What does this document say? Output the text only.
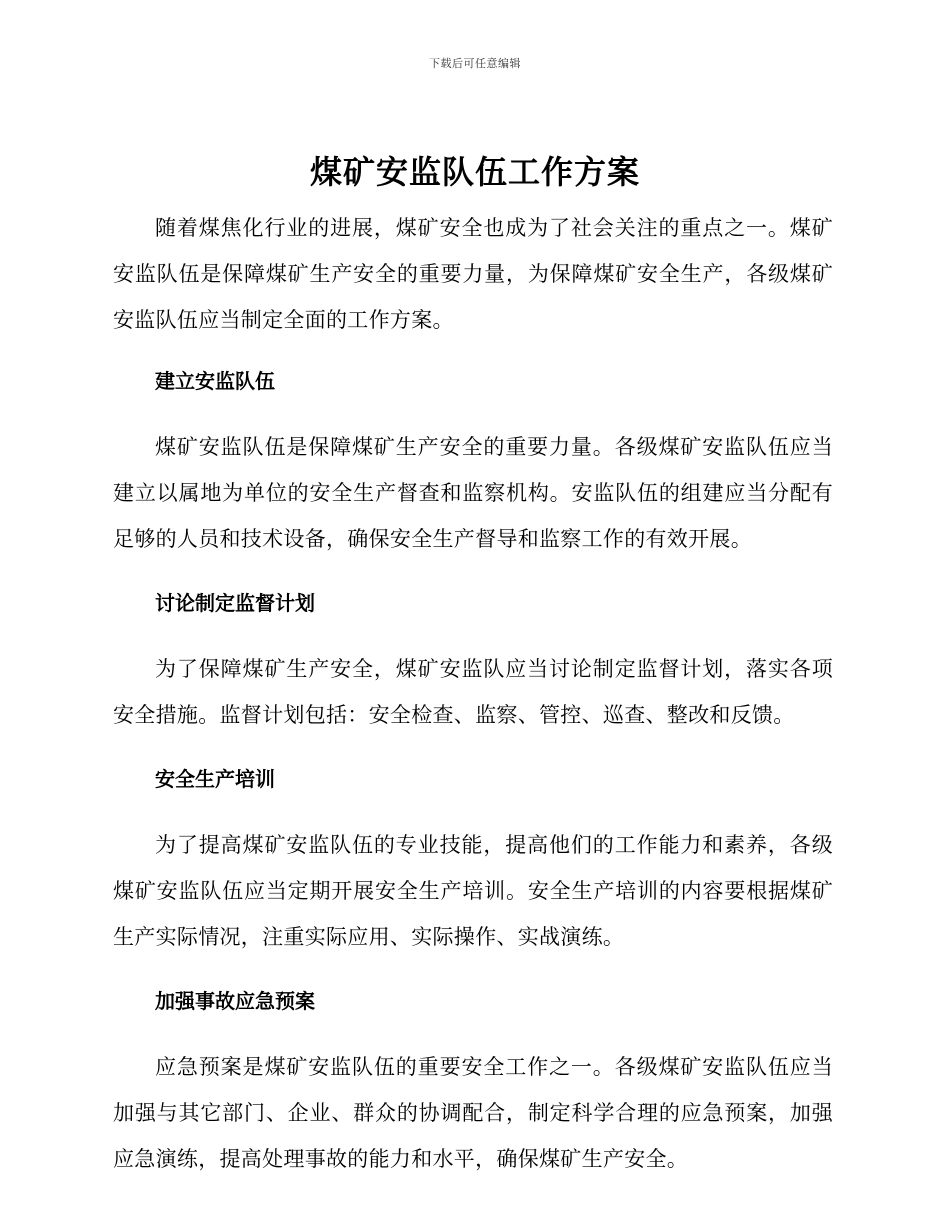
下载后可任意编辑
煤矿安监队伍工作方案

随着煤焦化行业的进展，煤矿安全也成为了社会关注的重点之一。煤矿安监队伍是保障煤矿生产安全的重要力量，为保障煤矿安全生产，各级煤矿安监队伍应当制定全面的工作方案。

建立安监队伍

煤矿安监队伍是保障煤矿生产安全的重要力量。各级煤矿安监队伍应当建立以属地为单位的安全生产督查和监察机构。安监队伍的组建应当分配有足够的人员和技术设备，确保安全生产督导和监察工作的有效开展。

讨论制定监督计划

为了保障煤矿生产安全，煤矿安监队应当讨论制定监督计划，落实各项安全措施。监督计划包括：安全检查、监察、管控、巡查、整改和反馈。

安全生产培训

为了提高煤矿安监队伍的专业技能，提高他们的工作能力和素养，各级煤矿安监队伍应当定期开展安全生产培训。安全生产培训的内容要根据煤矿生产实际情况，注重实际应用、实际操作、实战演练。

加强事故应急预案

应急预案是煤矿安监队伍的重要安全工作之一。各级煤矿安监队伍应当加强与其它部门、企业、群众的协调配合，制定科学合理的应急预案，加强应急演练，提高处理事故的能力和水平，确保煤矿生产安全。
